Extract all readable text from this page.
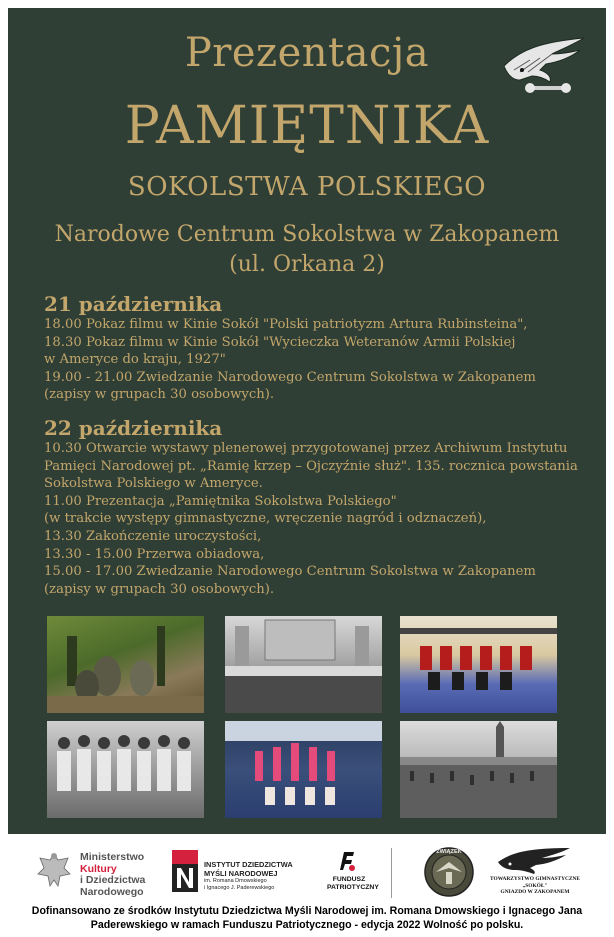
Prezentacja
PAMIĘTNIKA
SOKOLSTWA POLSKIEGO
Narodowe Centrum Sokolstwa w Zakopanem
(ul. Orkana 2)
21 października
18.00 Pokaz filmu w Kinie Sokół "Polski patriotyzm Artura Rubinsteina",
18.30 Pokaz filmu w Kinie Sokół "Wycieczka Weteranów Armii Polskiej
w Ameryce do kraju, 1927"
19.00 - 21.00 Zwiedzanie Narodowego Centrum Sokolstwa w Zakopanem
(zapisy w grupach 30 osobowych).
22 października
10.30 Otwarcie wystawy plenerowej przygotowanej przez Archiwum Instytutu
Pamięci Narodowej pt. „Ramię krzep – Ojczyźnie służ". 135. rocznica powstania
Sokolstwa Polskiego w Ameryce.
11.00 Prezentacja „Pamiętnika Sokolstwa Polskiego"
(w trakcie występy gimnastyczne, wręczenie nagród i odznaczeń),
13.30 Zakończenie uroczystości,
13.30 - 15.00 Przerwa obiadowa,
15.00 - 17.00 Zwiedzanie Narodowego Centrum Sokolstwa w Zakopanem
(zapisy w grupach 30 osobowych).
Ministerstwo
Kultury
i Dziedzictwa
Narodowego
INSTYTUT DZIEDZICTWA
MYŚLI NARODOWEJ
im. Romana Dmowskiego
i Ignacego J. Paderewskiego
FUNDUSZ
PATRIOTYCZNY
ZWIĄZEK
TOWARZYSTWO GIMNASTYCZNE
„SOKÓŁ"
GNIAZDO W ZAKOPANEM
Dofinansowano ze środków Instytutu Dziedzictwa Myśli Narodowej im. Romana Dmowskiego i Ignacego Jana
Paderewskiego w ramach Funduszu Patriotycznego - edycja 2022 Wolność po polsku.
